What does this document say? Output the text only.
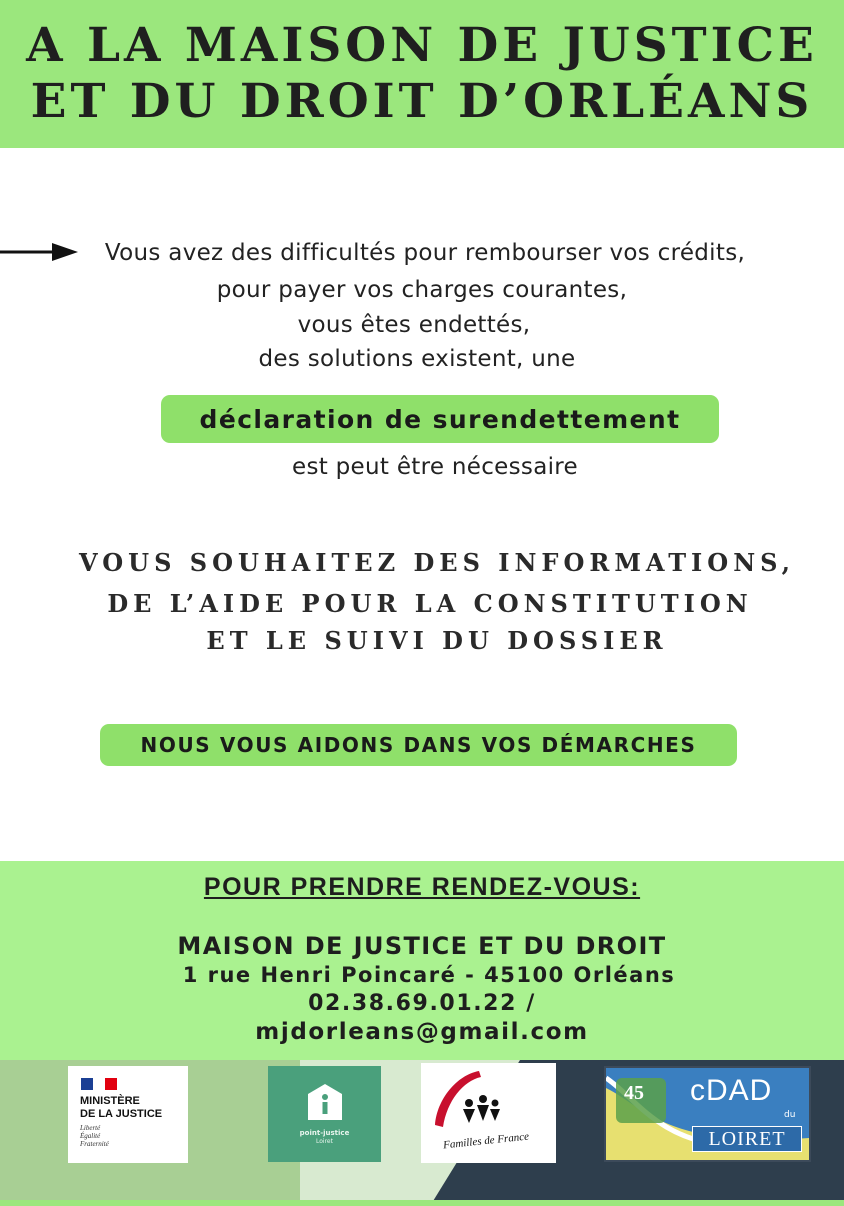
A LA MAISON DE JUSTICE
ET DU DROIT D’ORLÉANS
Vous avez des difficultés pour rembourser vos crédits,
pour payer vos charges courantes,
vous êtes endettés,
des solutions existent, une
déclaration de surendettement
est peut être nécessaire
VOUS SOUHAITEZ DES INFORMATIONS,
DE L’AIDE POUR LA CONSTITUTION
ET LE SUIVI DU DOSSIER
NOUS VOUS AIDONS DANS VOS DÉMARCHES
POUR PRENDRE RENDEZ-VOUS:
MAISON DE JUSTICE ET DU DROIT
1 rue Henri Poincaré - 45100 Orléans
02.38.69.01.22 /
mjdorleans@gmail.com
MINISTÈRE
DE LA JUSTICE
Liberté
Égalité
Fraternité
point-justice
Loiret	Familles de France
45 cDAD
du
LOIRET
